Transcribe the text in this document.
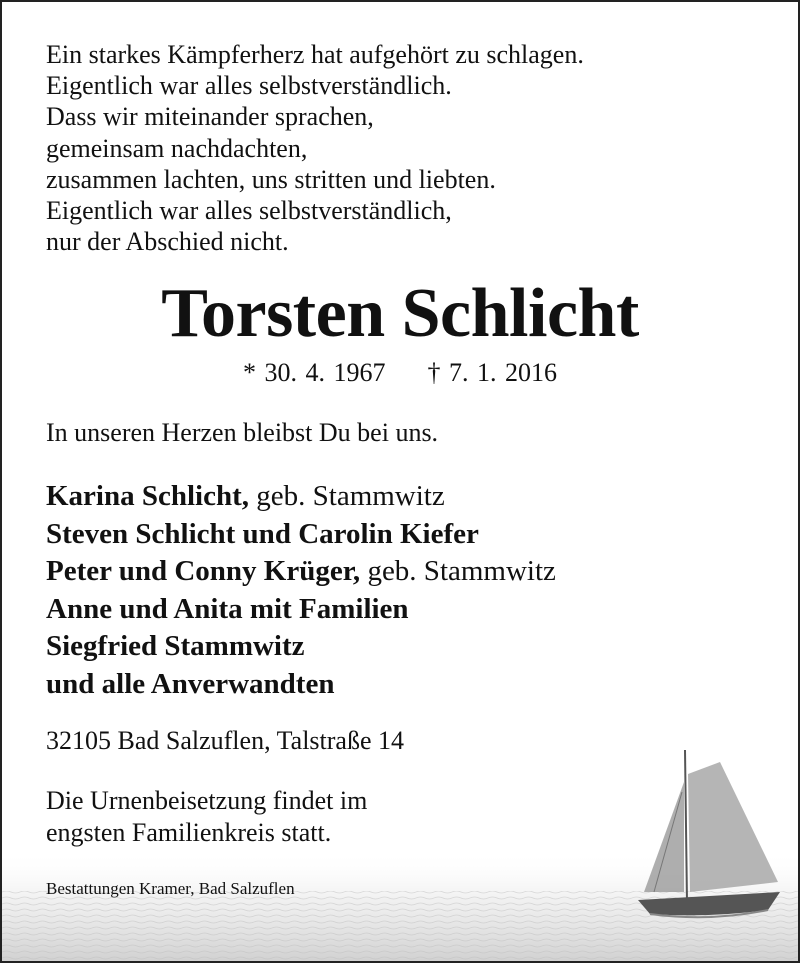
Ein starkes Kämpferherz hat aufgehört zu schlagen.
Eigentlich war alles selbstverständlich.
Dass wir miteinander sprachen,
gemeinsam nachdachten,
zusammen lachten, uns stritten und liebten.
Eigentlich war alles selbstverständlich,
nur der Abschied nicht.
Torsten Schlicht
* 30. 4. 1967 † 7. 1. 2016
In unseren Herzen bleibst Du bei uns.
Karina Schlicht, geb. Stammwitz
Steven Schlicht und Carolin Kiefer
Peter und Conny Krüger, geb. Stammwitz
Anne und Anita mit Familien
Siegfried Stammwitz
und alle Anverwandten
32105 Bad Salzuflen, Talstraße 14
Die Urnenbeisetzung findet im
engsten Familienkreis statt.
Bestattungen Kramer, Bad Salzuflen
